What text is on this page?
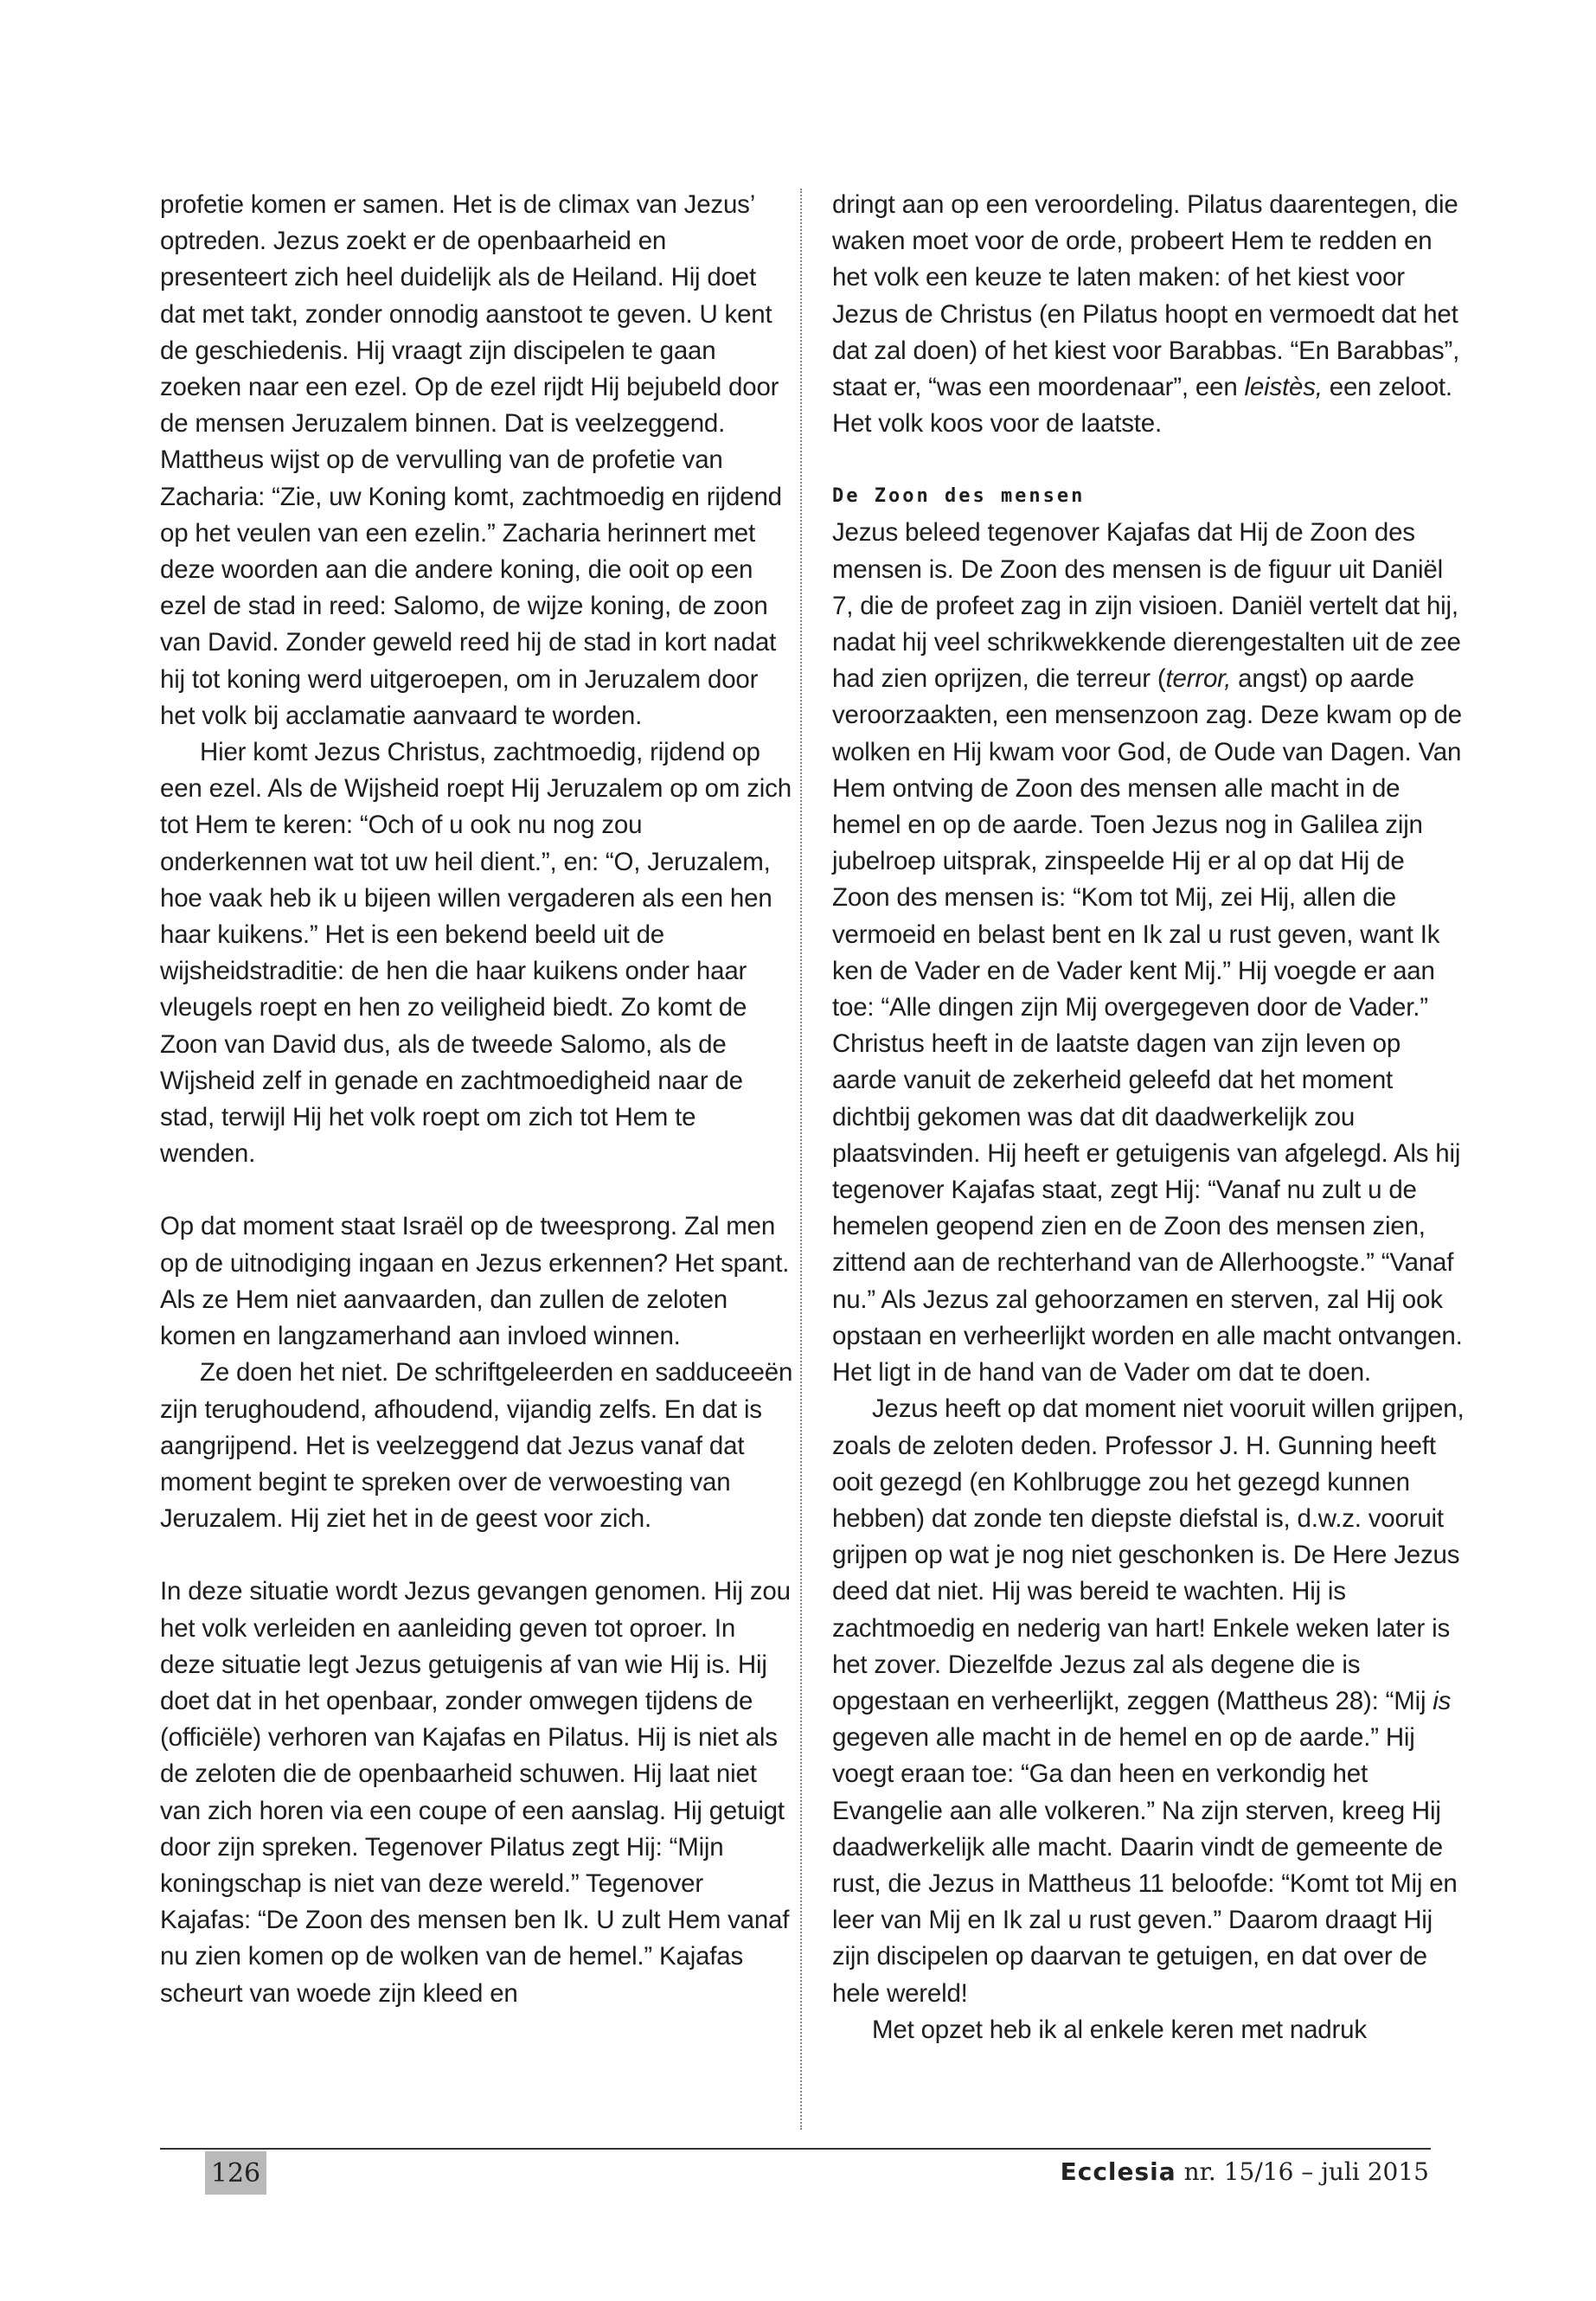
profetie komen er samen. Het is de climax van Jezus’ optreden. Jezus zoekt er de openbaarheid en presenteert zich heel duidelijk als de Heiland. Hij doet dat met takt, zonder onnodig aanstoot te geven. U kent de geschiedenis. Hij vraagt zijn discipelen te gaan zoeken naar een ezel. Op de ezel rijdt Hij bejubeld door de mensen Jeruzalem binnen. Dat is veelzeggend. Mattheus wijst op de vervulling van de profetie van Zacharia: “Zie, uw Koning komt, zachtmoedig en rijdend op het veulen van een ezelin.” Zacharia herinnert met deze woorden aan die andere koning, die ooit op een ezel de stad in reed: Salomo, de wijze koning, de zoon van David. Zonder geweld reed hij de stad in kort nadat hij tot koning werd uitgeroepen, om in Jeruzalem door het volk bij acclamatie aanvaard te worden.

Hier komt Jezus Christus, zachtmoedig, rijdend op een ezel. Als de Wijsheid roept Hij Jeruzalem op om zich tot Hem te keren: “Och of u ook nu nog zou onderkennen wat tot uw heil dient.”, en: “O, Jeruzalem, hoe vaak heb ik u bijeen willen vergaderen als een hen haar kuikens.” Het is een bekend beeld uit de wijsheidstraditie: de hen die haar kuikens onder haar vleugels roept en hen zo veiligheid biedt. Zo komt de Zoon van David dus, als de tweede Salomo, als de Wijsheid zelf in genade en zachtmoedigheid naar de stad, terwijl Hij het volk roept om zich tot Hem te wenden.

Op dat moment staat Israël op de tweesprong. Zal men op de uitnodiging ingaan en Jezus erkennen? Het spant. Als ze Hem niet aanvaarden, dan zullen de zeloten komen en langzamerhand aan invloed winnen.

Ze doen het niet. De schriftgeleerden en sadduceeën zijn terughoudend, afhoudend, vijandig zelfs. En dat is aangrijpend. Het is veelzeggend dat Jezus vanaf dat moment begint te spreken over de verwoesting van Jeruzalem. Hij ziet het in de geest voor zich.

In deze situatie wordt Jezus gevangen genomen. Hij zou het volk verleiden en aanleiding geven tot oproer. In deze situatie legt Jezus getuigenis af van wie Hij is. Hij doet dat in het openbaar, zonder omwegen tijdens de (officiële) verhoren van Kajafas en Pilatus. Hij is niet als de zeloten die de openbaarheid schuwen. Hij laat niet van zich horen via een coupe of een aanslag. Hij getuigt door zijn spreken. Tegenover Pilatus zegt Hij: “Mijn koningschap is niet van deze wereld.” Tegenover Kajafas: “De Zoon des mensen ben Ik. U zult Hem vanaf nu zien komen op de wolken van de hemel.” Kajafas scheurt van woede zijn kleed en

dringt aan op een veroordeling. Pilatus daarentegen, die waken moet voor de orde, probeert Hem te redden en het volk een keuze te laten maken: of het kiest voor Jezus de Christus (en Pilatus hoopt en vermoedt dat het dat zal doen) of het kiest voor Barabbas. “En Barabbas”, staat er, “was een moordenaar”, een leistès, een zeloot. Het volk koos voor de laatste.

De Zoon des mensen

Jezus beleed tegenover Kajafas dat Hij de Zoon des mensen is. De Zoon des mensen is de figuur uit Daniël 7, die de profeet zag in zijn visioen. Daniël vertelt dat hij, nadat hij veel schrikwekkende dierengestalten uit de zee had zien oprijzen, die terreur (terror, angst) op aarde veroorzaakten, een mensenzoon zag. Deze kwam op de wolken en Hij kwam voor God, de Oude van Dagen. Van Hem ontving de Zoon des mensen alle macht in de hemel en op de aarde. Toen Jezus nog in Galilea zijn jubelroep uitsprak, zinspeelde Hij er al op dat Hij de Zoon des mensen is: “Kom tot Mij, zei Hij, allen die vermoeid en belast bent en Ik zal u rust geven, want Ik ken de Vader en de Vader kent Mij.” Hij voegde er aan toe: “Alle dingen zijn Mij overgegeven door de Vader.” Christus heeft in de laatste dagen van zijn leven op aarde vanuit de zekerheid geleefd dat het moment dichtbij gekomen was dat dit daadwerkelijk zou plaatsvinden. Hij heeft er getuigenis van afgelegd. Als hij tegenover Kajafas staat, zegt Hij: “Vanaf nu zult u de hemelen geopend zien en de Zoon des mensen zien, zittend aan de rechterhand van de Allerhoogste.” “Vanaf nu.” Als Jezus zal gehoorzamen en sterven, zal Hij ook opstaan en verheerlijkt worden en alle macht ontvangen. Het ligt in de hand van de Vader om dat te doen.

Jezus heeft op dat moment niet vooruit willen grijpen, zoals de zeloten deden. Professor J. H. Gunning heeft ooit gezegd (en Kohlbrugge zou het gezegd kunnen hebben) dat zonde ten diepste diefstal is, d.w.z. vooruit grijpen op wat je nog niet geschonken is. De Here Jezus deed dat niet. Hij was bereid te wachten. Hij is zachtmoedig en nederig van hart! Enkele weken later is het zover. Diezelfde Jezus zal als degene die is opgestaan en verheerlijkt, zeggen (Mattheus 28): “Mij is gegeven alle macht in de hemel en op de aarde.” Hij voegt eraan toe: “Ga dan heen en verkondig het Evangelie aan alle volkeren.” Na zijn sterven, kreeg Hij daadwerkelijk alle macht. Daarin vindt de gemeente de rust, die Jezus in Mattheus 11 beloofde: “Komt tot Mij en leer van Mij en Ik zal u rust geven.” Daarom draagt Hij zijn discipelen op daarvan te getuigen, en dat over de hele wereld!

Met opzet heb ik al enkele keren met nadruk

126	Ecclesia nr. 15/16 – juli 2015
